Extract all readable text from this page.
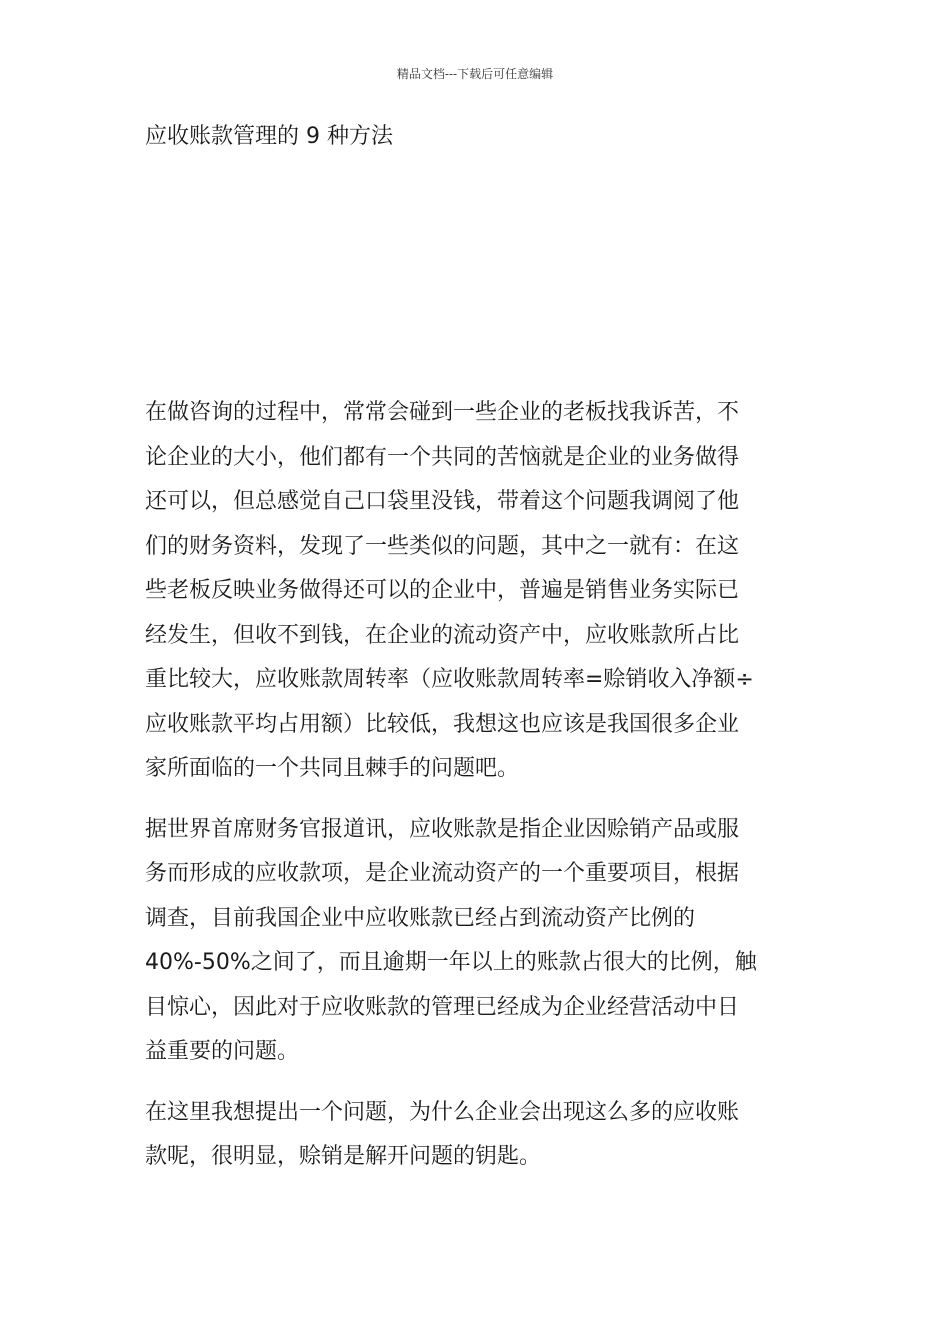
精品文档---下载后可任意编辑
应收账款管理的 9 种方法

在做咨询的过程中，常常会碰到一些企业的老板找我诉苦，不
论企业的大小，他们都有一个共同的苦恼就是企业的业务做得
还可以，但总感觉自己口袋里没钱，带着这个问题我调阅了他
们的财务资料，发现了一些类似的问题，其中之一就有：在这
些老板反映业务做得还可以的企业中，普遍是销售业务实际已
经发生，但收不到钱，在企业的流动资产中，应收账款所占比
重比较大，应收账款周转率（应收账款周转率=赊销收入净额÷
应收账款平均占用额）比较低，我想这也应该是我国很多企业
家所面临的一个共同且棘手的问题吧。

据世界首席财务官报道讯，应收账款是指企业因赊销产品或服
务而形成的应收款项，是企业流动资产的一个重要项目，根据
调查，目前我国企业中应收账款已经占到流动资产比例的
40%-50%之间了，而且逾期一年以上的账款占很大的比例，触
目惊心，因此对于应收账款的管理已经成为企业经营活动中日
益重要的问题。

在这里我想提出一个问题，为什么企业会出现这么多的应收账
款呢，很明显，赊销是解开问题的钥匙。
